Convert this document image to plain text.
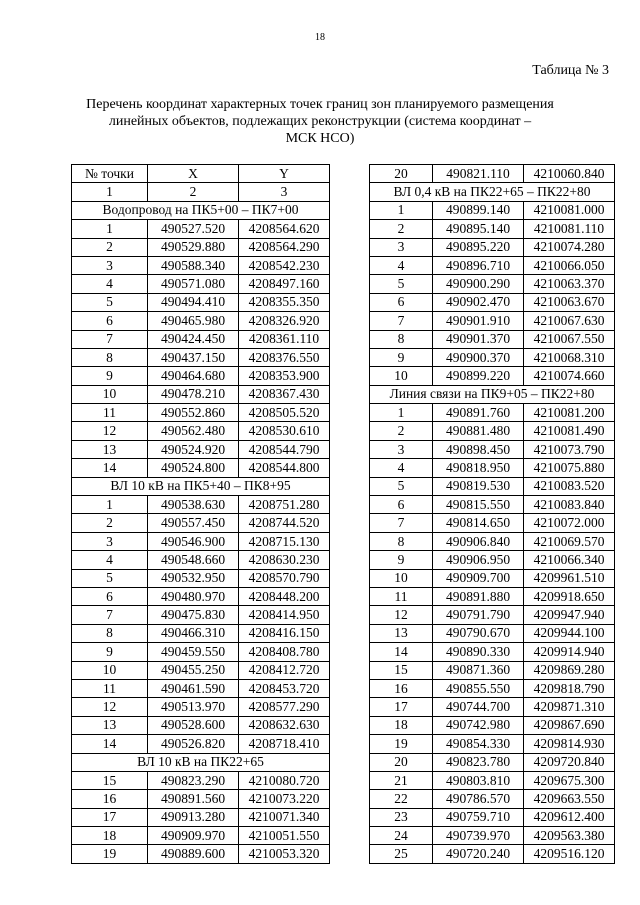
18
Таблица № 3
Перечень координат характерных точек границ зон планируемого размещения
линейных объектов, подлежащих реконструкции (система координат –
МСК НСО)
№ точки	X	Y
1	2	3
Водопровод на ПК5+00 – ПК7+00		
1	490527.520	4208564.620
2	490529.880	4208564.290
3	490588.340	4208542.230
4	490571.080	4208497.160
5	490494.410	4208355.350
6	490465.980	4208326.920
7	490424.450	4208361.110
8	490437.150	4208376.550
9	490464.680	4208353.900
10	490478.210	4208367.430
11	490552.860	4208505.520
12	490562.480	4208530.610
13	490524.920	4208544.790
14	490524.800	4208544.800
ВЛ 10 кВ на ПК5+40 – ПК8+95		
1	490538.630	4208751.280
2	490557.450	4208744.520
3	490546.900	4208715.130
4	490548.660	4208630.230
5	490532.950	4208570.790
6	490480.970	4208448.200
7	490475.830	4208414.950
8	490466.310	4208416.150
9	490459.550	4208408.780
10	490455.250	4208412.720
11	490461.590	4208453.720
12	490513.970	4208577.290
13	490528.600	4208632.630
14	490526.820	4208718.410
ВЛ 10 кВ на ПК22+65		
15	490823.290	4210080.720
16	490891.560	4210073.220
17	490913.280	4210071.340
18	490909.970	4210051.550
19	490889.600	4210053.320
20	490821.110	4210060.840
ВЛ 0,4 кВ на ПК22+65 – ПК22+80		
1	490899.140	4210081.000
2	490895.140	4210081.110
3	490895.220	4210074.280
4	490896.710	4210066.050
5	490900.290	4210063.370
6	490902.470	4210063.670
7	490901.910	4210067.630
8	490901.370	4210067.550
9	490900.370	4210068.310
10	490899.220	4210074.660
Линия связи на ПК9+05 – ПК22+80		
1	490891.760	4210081.200
2	490881.480	4210081.490
3	490898.450	4210073.790
4	490818.950	4210075.880
5	490819.530	4210083.520
6	490815.550	4210083.840
7	490814.650	4210072.000
8	490906.840	4210069.570
9	490906.950	4210066.340
10	490909.700	4209961.510
11	490891.880	4209918.650
12	490791.790	4209947.940
13	490790.670	4209944.100
14	490890.330	4209914.940
15	490871.360	4209869.280
16	490855.550	4209818.790
17	490744.700	4209871.310
18	490742.980	4209867.690
19	490854.330	4209814.930
20	490823.780	4209720.840
21	490803.810	4209675.300
22	490786.570	4209663.550
23	490759.710	4209612.400
24	490739.970	4209563.380
25	490720.240	4209516.120
